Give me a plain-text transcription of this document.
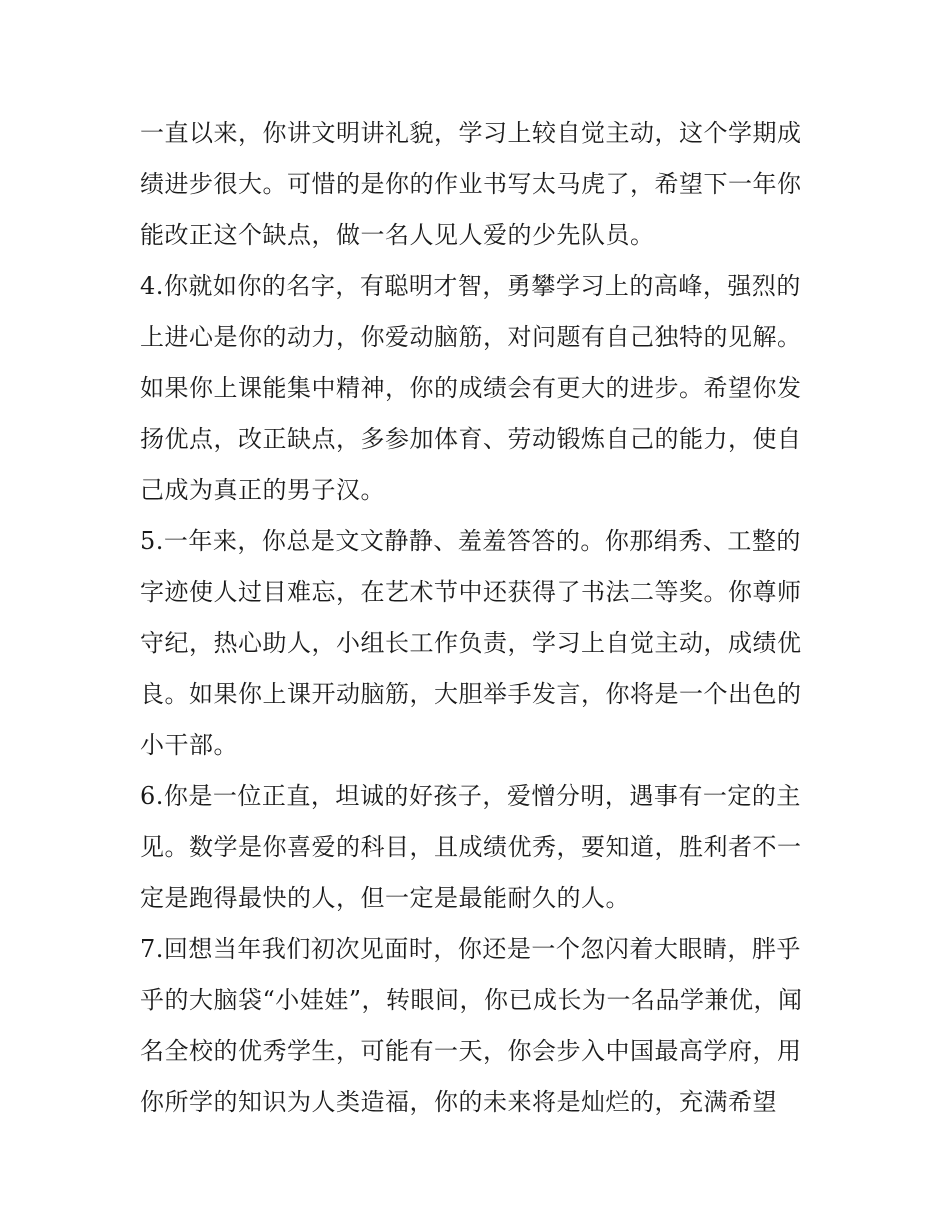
一直以来，你讲文明讲礼貌，学习上较自觉主动，这个学期成
绩进步很大。可惜的是你的作业书写太马虎了，希望下一年你
能改正这个缺点，做一名人见人爱的少先队员。
4.你就如你的名字，有聪明才智，勇攀学习上的高峰，强烈的
上进心是你的动力，你爱动脑筋，对问题有自己独特的见解。
如果你上课能集中精神，你的成绩会有更大的进步。希望你发
扬优点，改正缺点，多参加体育、劳动锻炼自己的能力，使自
己成为真正的男子汉。
5.一年来，你总是文文静静、羞羞答答的。你那绢秀、工整的
字迹使人过目难忘，在艺术节中还获得了书法二等奖。你尊师
守纪，热心助人，小组长工作负责，学习上自觉主动，成绩优
良。如果你上课开动脑筋，大胆举手发言，你将是一个出色的
小干部。
6.你是一位正直，坦诚的好孩子，爱憎分明，遇事有一定的主
见。数学是你喜爱的科目，且成绩优秀，要知道，胜利者不一
定是跑得最快的人，但一定是最能耐久的人。
7.回想当年我们初次见面时，你还是一个忽闪着大眼睛，胖乎
乎的大脑袋“小娃娃”，转眼间，你已成长为一名品学兼优，闻
名全校的优秀学生，可能有一天，你会步入中国最高学府，用
你所学的知识为人类造福，你的未来将是灿烂的，充满希望
